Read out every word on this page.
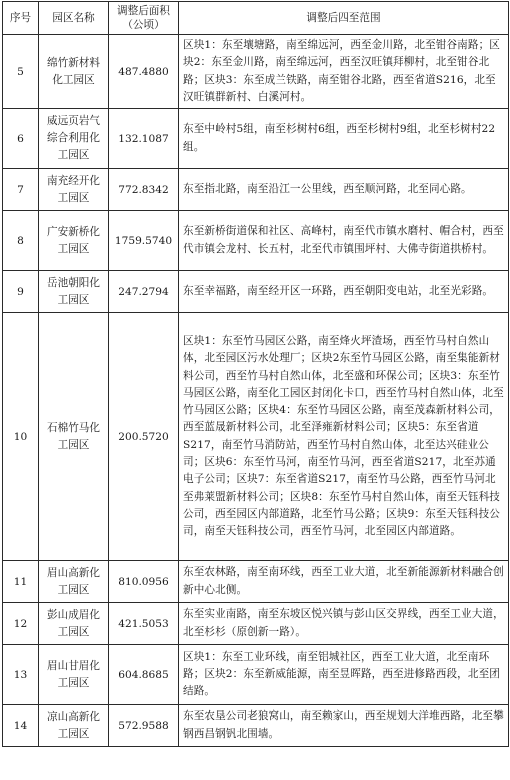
序号	园区名称	调整后面积
（公顷）	调整后四至范围
5	绵竹新材料化工园区	487.4880	区块1：东至壤塘路，南至绵远河，西至金川路，北至钳谷南路；区块2：东至金川路，南至绵远河，西至汉旺镇拜柳村，北至钳谷北路；区块3：东至成兰铁路，南至钳谷北路，西至省道S216，北至汉旺镇群新村、白溪河村。
6	威远页岩气综合利用化工园区	132.1087	东至中岭村5组，南至杉树村6组，西至杉树村9组，北至杉树村22组。
7	南充经开化工园区	772.8342	东至指北路，南至沿江一公里线，西至顺河路，北至同心路。
8	广安新桥化工园区	1759.5740	东至新桥街道保和社区、高峰村，南至代市镇水磨村、帽合村，西至代市镇会龙村、长五村，北至代市镇围坪村、大佛寺街道拱桥村。
9	岳池朝阳化工园区	247.2794	东至幸福路，南至经开区一环路，西至朝阳变电站，北至光彩路。
10	石棉竹马化工园区	200.5720	区块1：东至竹马园区公路，南至烽火坪渣场，西至竹马村自然山体，北至园区污水处理厂；区块2东至竹马园区公路，南至集能新材料公司，西至竹马村自然山体，北至盛和环保公司；区块3：东至竹马园区公路，南至化工园区封闭化卡口，西至竹马村自然山体，北至竹马园区公路；区块4：东至竹马园区公路，南至茂森新材料公司，西至蓝晟新材料公司，北至泽雍新材料公司；区块5：东至省道S217，南至竹马消防站，西至竹马村自然山体，北至达兴硅业公司；区块6：东至竹马河，南至竹马河，西至省道S217，北至苏通电子公司；区块7：东至省道S217，南至竹马公路，西至竹马河北至弗莱盟新材料公司；区块8：东至竹马村自然山体，南至天钰科技公司，西至园区内部道路，北至竹马公路；区块9：东至天钰科技公司，南至天钰科技公司，西至竹马河，北至园区内部道路。
11	眉山高新化工园区	810.0956	东至农林路，南至南环线，西至工业大道，北至新能源新材料融合创新中心北侧。
12	彭山成眉化工园区	421.5053	东至实业南路，南至东坡区悦兴镇与彭山区交界线，西至工业大道，北至杉杉（原创新一路）。
13	眉山甘眉化工园区	604.8685	区块1：东至工业环线，南至铝城社区，西至工业大道，北至南环路；区块2：东至新威能源，南至昱晖路，西至进修路西段，北至团结路。
14	凉山高新化工园区	572.9588	东至农垦公司老狼窝山，南至赖家山，西至规划大洋堆西路，北至攀钢西昌钢钒北围墙。
